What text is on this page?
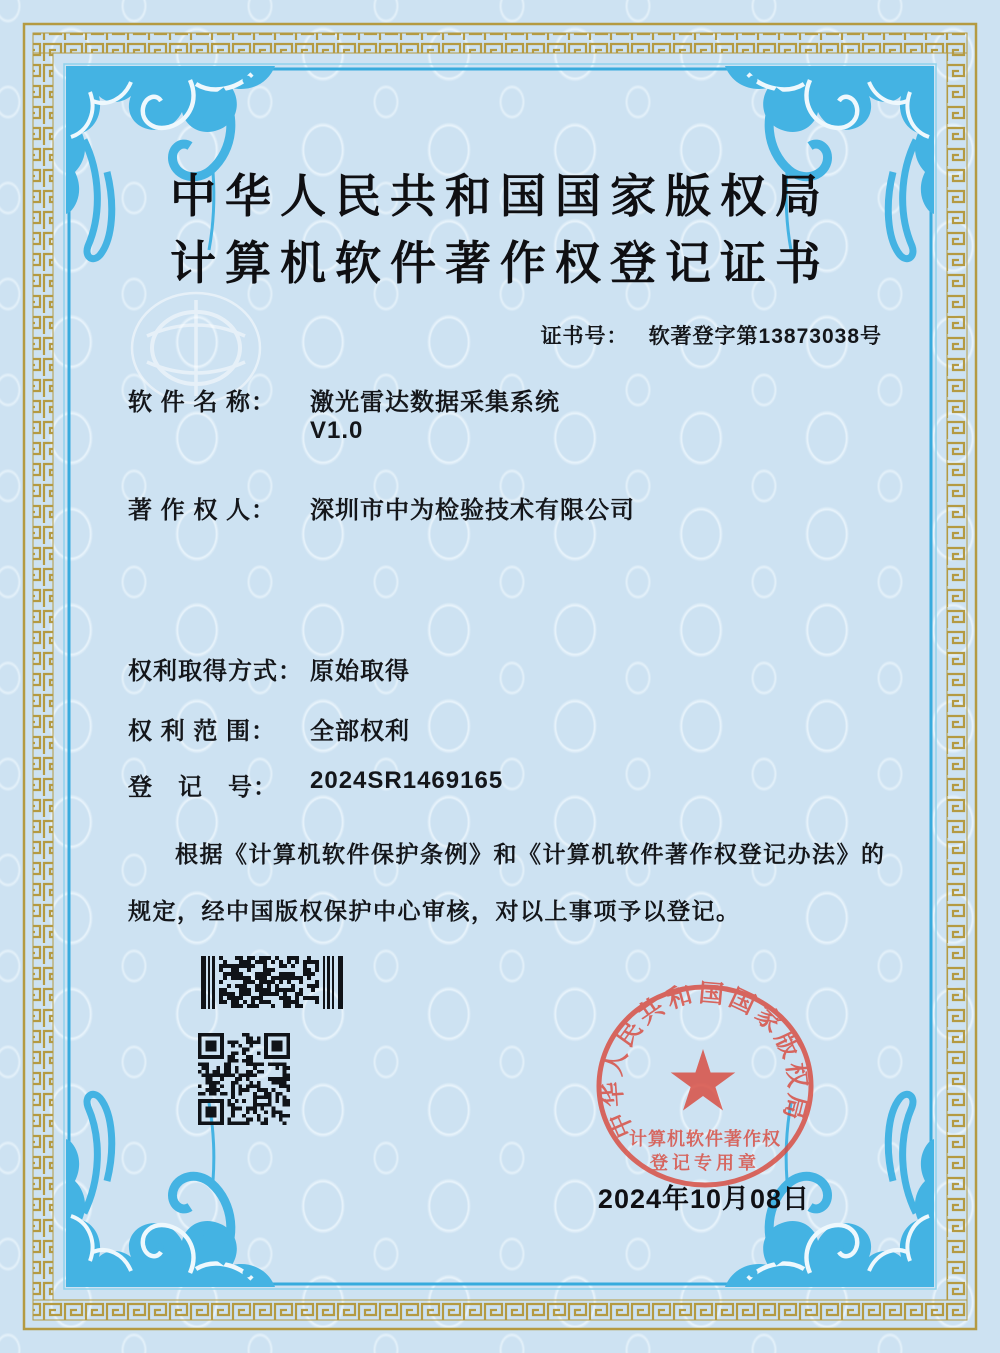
中华人民共和国国家版权局
计算机软件著作权登记证书
证书号： 软著登字第13873038号
软 件 名 称：	激光雷达数据采集系统
V1.0
著 作 权 人：	深圳市中为检验技术有限公司
权利取得方式： 原始取得
权 利 范 围：	全部权利
登　记　号：	2024SR1469165
根据《计算机软件保护条例》和《计算机软件著作权登记办法》的
规定，经中国版权保护中心审核，对以上事项予以登记。
中华人民共和国国家版权局
计算机软件著作权
登记专用章
2024年10月08日
